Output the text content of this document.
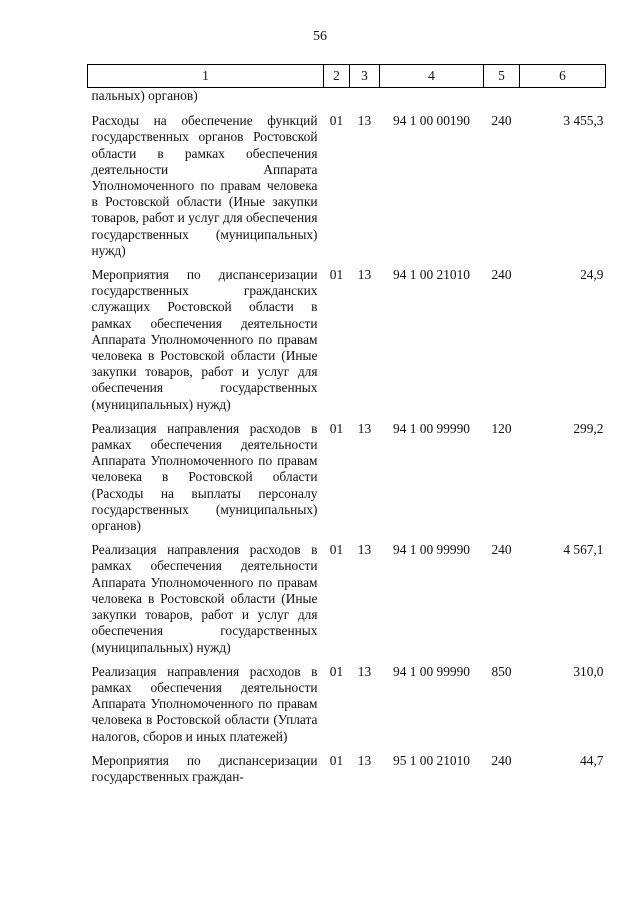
56
1	2	3	4	5	6
пальных) органов)					
Расходы на обеспечение функций государственных органов Ростовской области в рамках обеспечения деятельности Аппарата Уполномоченного по правам человека в Ростовской области (Иные закупки товаров, работ и услуг для обеспечения государственных (муниципальных) нужд)	01	13	94 1 00 00190	240	3 455,3
Мероприятия по диспансеризации государственных гражданских служащих Ростовской области в рамках обеспечения деятельности Аппарата Уполномоченного по правам человека в Ростовской области (Иные закупки товаров, работ и услуг для обеспечения государственных (муниципальных) нужд)	01	13	94 1 00 21010	240	24,9
Реализация направления расходов в рамках обеспечения деятельности Аппарата Уполномоченного по правам человека в Ростовской области (Расходы на выплаты персоналу государственных (муниципальных) органов)	01	13	94 1 00 99990	120	299,2
Реализация направления расходов в рамках обеспечения деятельности Аппарата Уполномоченного по правам человека в Ростовской области (Иные закупки товаров, работ и услуг для обеспечения государственных (муниципальных) нужд)	01	13	94 1 00 99990	240	4 567,1
Реализация направления расходов в рамках обеспечения деятельности Аппарата Уполномоченного по правам человека в Ростовской области (Уплата налогов, сборов и иных платежей)	01	13	94 1 00 99990	850	310,0
Мероприятия по диспансеризации государственных граждан-	01	13	95 1 00 21010	240	44,7
